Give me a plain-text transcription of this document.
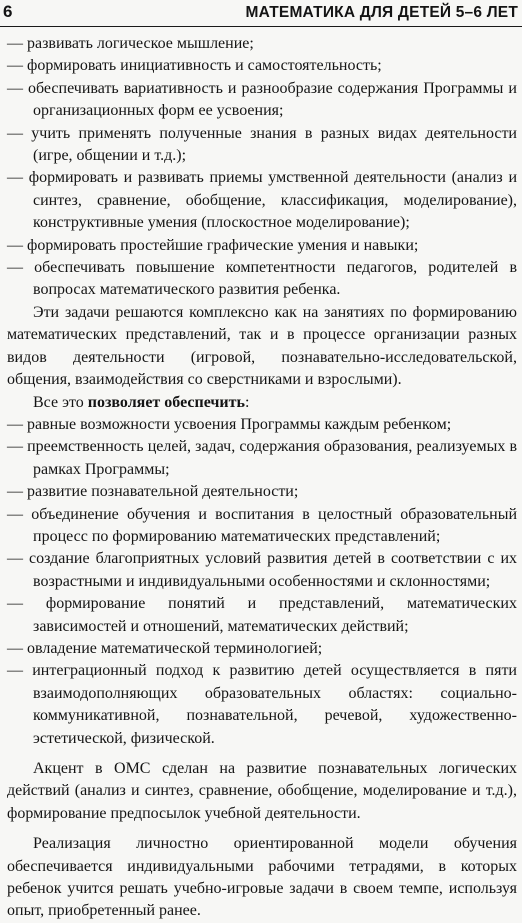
6	МАТЕМАТИКА ДЛЯ ДЕТЕЙ 5–6 ЛЕТ

— развивать логическое мышление;

— формировать инициативность и самостоятельность;

— обеспечивать вариативность и разнообразие содержания Программы и организационных форм ее усвоения;

— учить применять полученные знания в разных видах деятельности (игре, общении и т.д.);

— формировать и развивать приемы умственной деятельности (анализ и синтез, сравнение, обобщение, классификация, моделирование), конструктивные умения (плоскостное моделирование);

— формировать простейшие графические умения и навыки;

— обеспечивать повышение компетентности педагогов, родителей в вопросах математического развития ребенка.

Эти задачи решаются комплексно как на занятиях по формированию математических представлений, так и в процессе организации разных видов деятельности (игровой, познавательно-исследовательской, общения, взаимодействия со сверстниками и взрослыми).

Все это позволяет обеспечить:

— равные возможности усвоения Программы каждым ребенком;

— преемственность целей, задач, содержания образования, реализуемых в рамках Программы;

— развитие познавательной деятельности;

— объединение обучения и воспитания в целостный образовательный процесс по формированию математических представлений;

— создание благоприятных условий развития детей в соответствии с их возрастными и индивидуальными особенностями и склонностями;

— формирование понятий и представлений, математических зависимостей и отношений, математических действий;

— овладение математической терминологией;

— интеграционный подход к развитию детей осуществляется в пяти взаимодополняющих образовательных областях: социально-коммуникативной, познавательной, речевой, художественно-эстетической, физической.

Акцент в ОМС сделан на развитие познавательных логических действий (анализ и синтез, сравнение, обобщение, моделирование и т.д.), формирование предпосылок учебной деятельности.

Реализация личностно ориентированной модели обучения обеспечивается индивидуальными рабочими тетрадями, в которых ребенок учится решать учебно-игровые задачи в своем темпе, используя опыт, приобретенный ранее.
